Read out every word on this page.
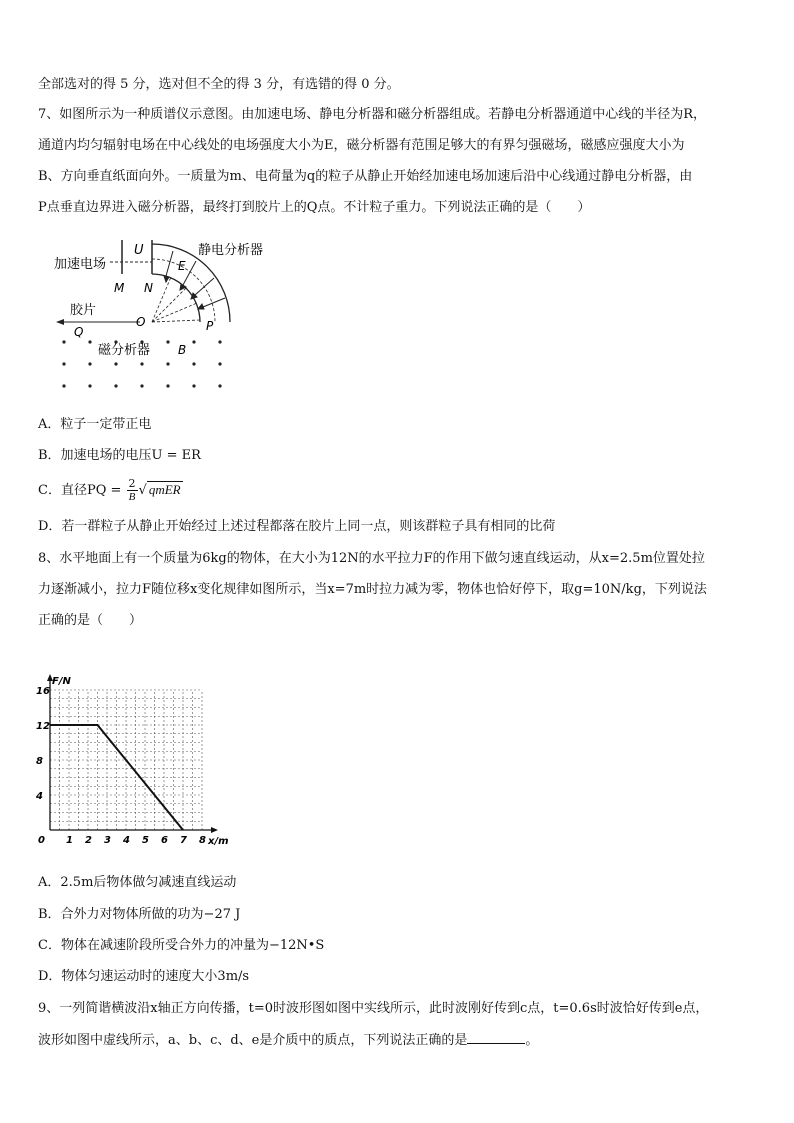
全部选对的得 5 分，选对但不全的得 3 分，有选错的得 0 分。
7、如图所示为一种质谱仪示意图。由加速电场、静电分析器和磁分析器组成。若静电分析器通道中心线的半径为R，
通道内均匀辐射电场在中心线处的电场强度大小为E，磁分析器有范围足够大的有界匀强磁场，磁感应强度大小为
B、方向垂直纸面向外。一质量为m、电荷量为q的粒子从静止开始经加速电场加速后沿中心线通过静电分析器，由
P点垂直边界进入磁分析器，最终打到胶片上的Q点。不计粒子重力。下列说法正确的是（　　）
加速电场
U
M N
E
静电分析器
胶片
Q
O	P
磁分析器 B
A．粒子一定带正电
B．加速电场的电压U = ER
C．直径PQ = $\frac{2}{B}$ √ qmER
D．若一群粒子从静止开始经过上述过程都落在胶片上同一点，则该群粒子具有相同的比荷
8、水平地面上有一个质量为6kg的物体，在大小为12N的水平拉力F的作用下做匀速直线运动，从x=2.5m位置处拉
力逐渐减小，拉力F随位移x变化规律如图所示，当x=7m时拉力减为零，物体也恰好停下，取g=10N/kg，下列说法
正确的是（　　）
0 1 2 3 4 5 6 7 8
4
8
12
16
F/N
x/m
A．2.5m后物体做匀减速直线运动
B．合外力对物体所做的功为−27 J
C．物体在减速阶段所受合外力的冲量为−12N•S
D．物体匀速运动时的速度大小3m/s
9、一列简谐横波沿x轴正方向传播，t=0时波形图如图中实线所示，此时波刚好传到c点，t=0.6s时波恰好传到e点，
波形如图中虚线所示，a、b、c、d、e是介质中的质点，下列说法正确的是	。
